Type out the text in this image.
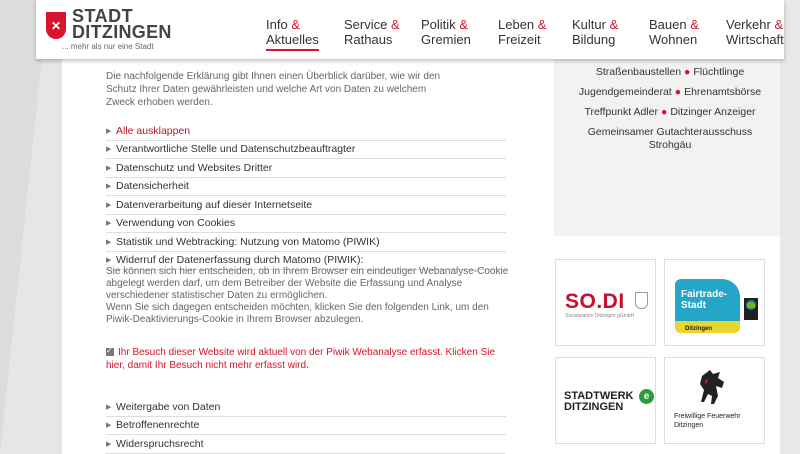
✕ STADT
DITZINGEN
... mehr als nur eine Stadt
Info &
Aktuelles
Service &
Rathaus
Politik &
Gremien
Leben &
Freizeit
Kultur &
Bildung
Bauen &
Wohnen
Verkehr &
Wirtschaft
Die nachfolgende Erklärung gibt Ihnen einen Überblick darüber, wie wir den Schutz Ihrer Daten gewährleisten und welche Art von Daten zu welchem Zweck erhoben werden.
▶ Alle ausklappen
▶ Verantwortliche Stelle und Datenschutzbeauftragter
▶ Datenschutz und Websites Dritter
▶ Datensicherheit
▶ Datenverarbeitung auf dieser Internetseite
▶ Verwendung von Cookies
▶ Statistik und Webtracking: Nutzung von Matomo (PIWIK)
▶ Widerruf der Datenerfassung durch Matomo (PIWIK):
Sie können sich hier entscheiden, ob in Ihrem Browser ein eindeutiger Webanalyse-Cookie abgelegt werden darf, um dem Betreiber der Website die Erfassung und Analyse verschiedener statistischer Daten zu ermöglichen.
Wenn Sie sich dagegen entscheiden möchten, klicken Sie den folgenden Link, um den Piwik-Deaktivierungs-Cookie in Ihrem Browser abzulegen.
✓Ihr Besuch dieser Website wird aktuell von der Piwik Webanalyse erfasst. Klicken Sie hier, damit Ihr Besuch nicht mehr erfasst wird.
▶ Weitergabe von Daten
▶ Betroffenenrechte
▶ Widerspruchsrecht
Straßenbaustellen ● Flüchtlinge
Jugendgemeinderat ● Ehrenamtsbörse
Treffpunkt Adler ● Ditzinger Anzeiger
Gemeinsamer Gutachterausschuss Strohgäu
SO.DI
Sozialstation Ditzingen gGmbH
Fairtrade-
Stadt
Ditzingen
STADTWERK
DITZINGEN
e
Freiwillige Feuerwehr
Ditzingen
